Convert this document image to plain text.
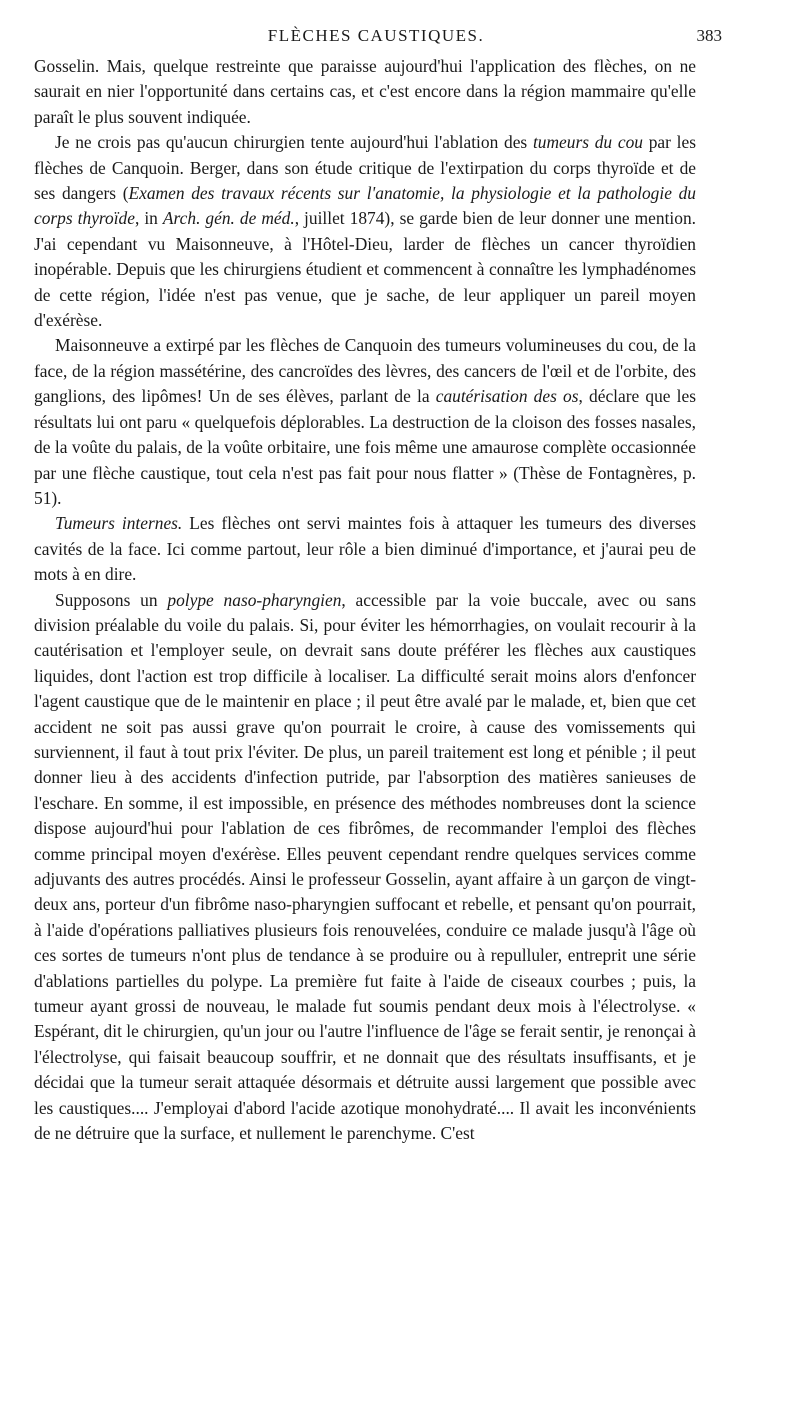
FLÈCHES CAUSTIQUES.	383

Gosselin. Mais, quelque restreinte que paraisse aujourd'hui l'application des flèches, on ne saurait en nier l'opportunité dans certains cas, et c'est encore dans la région mammaire qu'elle paraît le plus souvent indiquée.

Je ne crois pas qu'aucun chirurgien tente aujourd'hui l'ablation des tumeurs du cou par les flèches de Canquoin. Berger, dans son étude critique de l'extirpation du corps thyroïde et de ses dangers (Examen des travaux récents sur l'anatomie, la physiologie et la pathologie du corps thyroïde, in Arch. gén. de méd., juillet 1874), se garde bien de leur donner une mention. J'ai cependant vu Maisonneuve, à l'Hôtel-Dieu, larder de flèches un cancer thyroïdien inopérable. Depuis que les chirurgiens étudient et commencent à connaître les lymphadénomes de cette région, l'idée n'est pas venue, que je sache, de leur appliquer un pareil moyen d'exérèse.

Maisonneuve a extirpé par les flèches de Canquoin des tumeurs volumineuses du cou, de la face, de la région massétérine, des cancroïdes des lèvres, des cancers de l'œil et de l'orbite, des ganglions, des lipômes! Un de ses élèves, parlant de la cautérisation des os, déclare que les résultats lui ont paru « quelquefois déplorables. La destruction de la cloison des fosses nasales, de la voûte du palais, de la voûte orbitaire, une fois même une amaurose complète occasionnée par une flèche caustique, tout cela n'est pas fait pour nous flatter » (Thèse de Fontagnères, p. 51).

Tumeurs internes. Les flèches ont servi maintes fois à attaquer les tumeurs des diverses cavités de la face. Ici comme partout, leur rôle a bien diminué d'importance, et j'aurai peu de mots à en dire.

Supposons un polype naso-pharyngien, accessible par la voie buccale, avec ou sans division préalable du voile du palais. Si, pour éviter les hémorrhagies, on voulait recourir à la cautérisation et l'employer seule, on devrait sans doute préférer les flèches aux caustiques liquides, dont l'action est trop difficile à localiser. La difficulté serait moins alors d'enfoncer l'agent caustique que de le maintenir en place ; il peut être avalé par le malade, et, bien que cet accident ne soit pas aussi grave qu'on pourrait le croire, à cause des vomissements qui surviennent, il faut à tout prix l'éviter. De plus, un pareil traitement est long et pénible ; il peut donner lieu à des accidents d'infection putride, par l'absorption des matières sanieuses de l'eschare. En somme, il est impossible, en présence des méthodes nombreuses dont la science dispose aujourd'hui pour l'ablation de ces fibrômes, de recommander l'emploi des flèches comme principal moyen d'exérèse. Elles peuvent cependant rendre quelques services comme adjuvants des autres procédés. Ainsi le professeur Gosselin, ayant affaire à un garçon de vingt-deux ans, porteur d'un fibrôme naso-pharyngien suffocant et rebelle, et pensant qu'on pourrait, à l'aide d'opérations palliatives plusieurs fois renouvelées, conduire ce malade jusqu'à l'âge où ces sortes de tumeurs n'ont plus de tendance à se produire ou à repulluler, entreprit une série d'ablations partielles du polype. La première fut faite à l'aide de ciseaux courbes ; puis, la tumeur ayant grossi de nouveau, le malade fut soumis pendant deux mois à l'électrolyse. « Espérant, dit le chirurgien, qu'un jour ou l'autre l'influence de l'âge se ferait sentir, je renonçai à l'électrolyse, qui faisait beaucoup souffrir, et ne donnait que des résultats insuffisants, et je décidai que la tumeur serait attaquée désormais et détruite aussi largement que possible avec les caustiques.... J'employai d'abord l'acide azotique monohydraté.... Il avait les inconvénients de ne détruire que la surface, et nullement le parenchyme. C'est
